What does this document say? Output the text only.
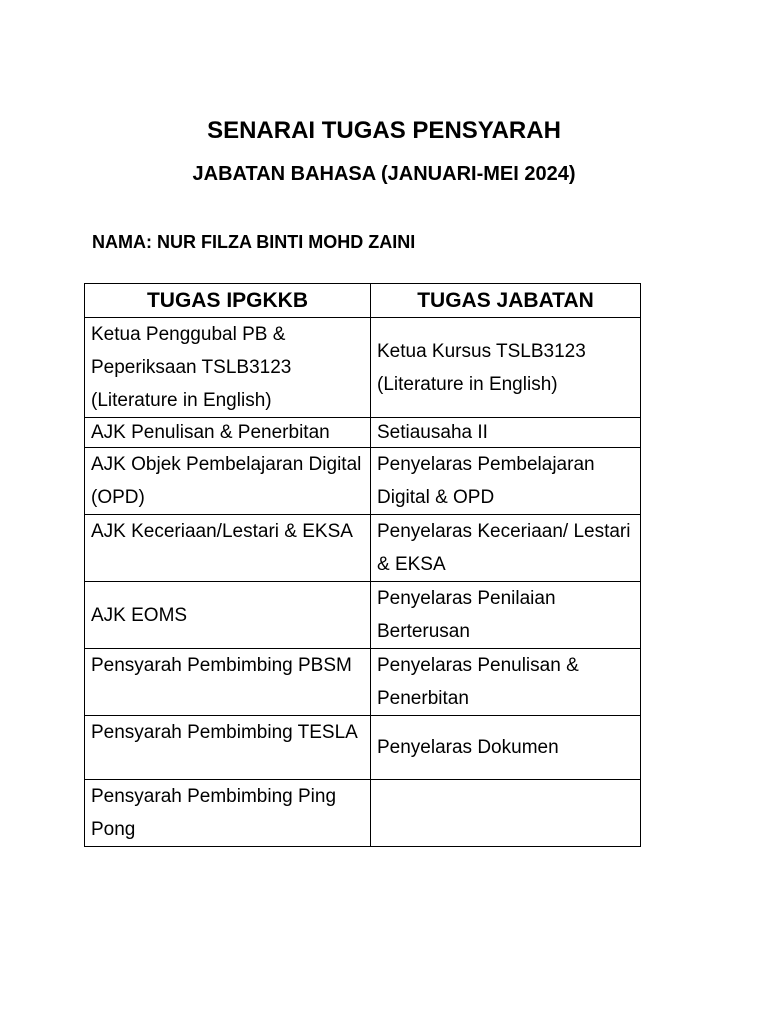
SENARAI TUGAS PENSYARAH
JABATAN BAHASA (JANUARI-MEI 2024)

NAMA: NUR FILZA BINTI MOHD ZAINI

TUGAS IPGKKB	TUGAS JABATAN
Ketua Penggubal PB & Peperiksaan TSLB3123 (Literature in English)	Ketua Kursus TSLB3123 (Literature in English)
AJK Penulisan & Penerbitan	Setiausaha II
AJK Objek Pembelajaran Digital (OPD)	Penyelaras Pembelajaran Digital & OPD
AJK Keceriaan/Lestari & EKSA	Penyelaras Keceriaan/ Lestari & EKSA
AJK EOMS	Penyelaras Penilaian Berterusan
Pensyarah Pembimbing PBSM	Penyelaras Penulisan & Penerbitan
Pensyarah Pembimbing TESLA	Penyelaras Dokumen
Pensyarah Pembimbing Ping Pong	
